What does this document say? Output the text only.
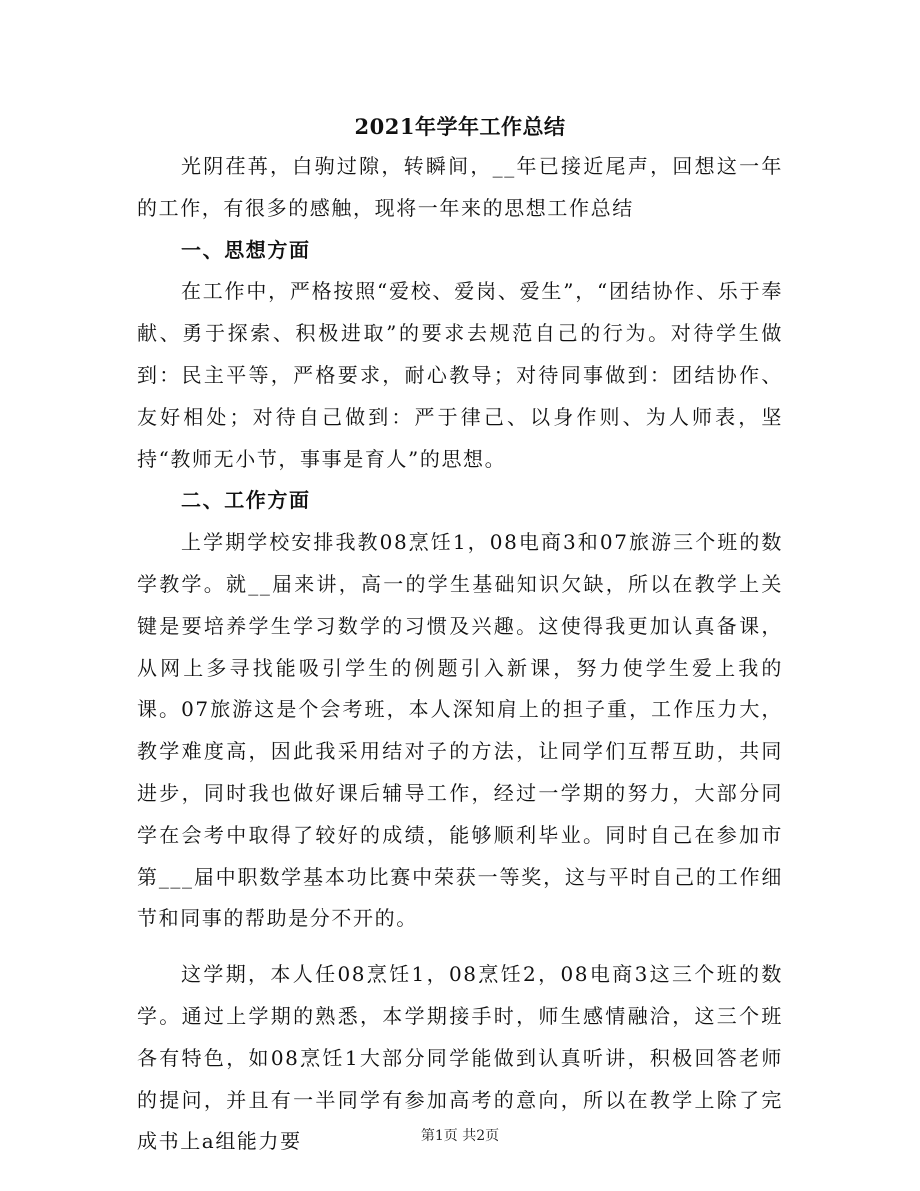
2021年学年工作总结

光阴荏苒，白驹过隙，转瞬间，__年已接近尾声，回想这一年的工作，有很多的感触，现将一年来的思想工作总结

一、思想方面

在工作中，严格按照“爱校、爱岗、爱生”，“团结协作、乐于奉献、勇于探索、积极进取”的要求去规范自己的行为。对待学生做到：民主平等，严格要求，耐心教导；对待同事做到：团结协作、友好相处；对待自己做到：严于律己、以身作则、为人师表，坚持“教师无小节，事事是育人”的思想。

二、工作方面

上学期学校安排我教08烹饪1，08电商3和07旅游三个班的数学教学。就__届来讲，高一的学生基础知识欠缺，所以在教学上关键是要培养学生学习数学的习惯及兴趣。这使得我更加认真备课，从网上多寻找能吸引学生的例题引入新课，努力使学生爱上我的课。07旅游这是个会考班，本人深知肩上的担子重，工作压力大，教学难度高，因此我采用结对子的方法，让同学们互帮互助，共同进步，同时我也做好课后辅导工作，经过一学期的努力，大部分同学在会考中取得了较好的成绩，能够顺利毕业。同时自己在参加市第___届中职数学基本功比赛中荣获一等奖，这与平时自己的工作细节和同事的帮助是分不开的。

这学期，本人任08烹饪1，08烹饪2，08电商3这三个班的数学。通过上学期的熟悉，本学期接手时，师生感情融洽，这三个班各有特色，如08烹饪1大部分同学能做到认真听讲，积极回答老师的提问，并且有一半同学有参加高考的意向，所以在教学上除了完成书上a组能力要	第1页 共2页
